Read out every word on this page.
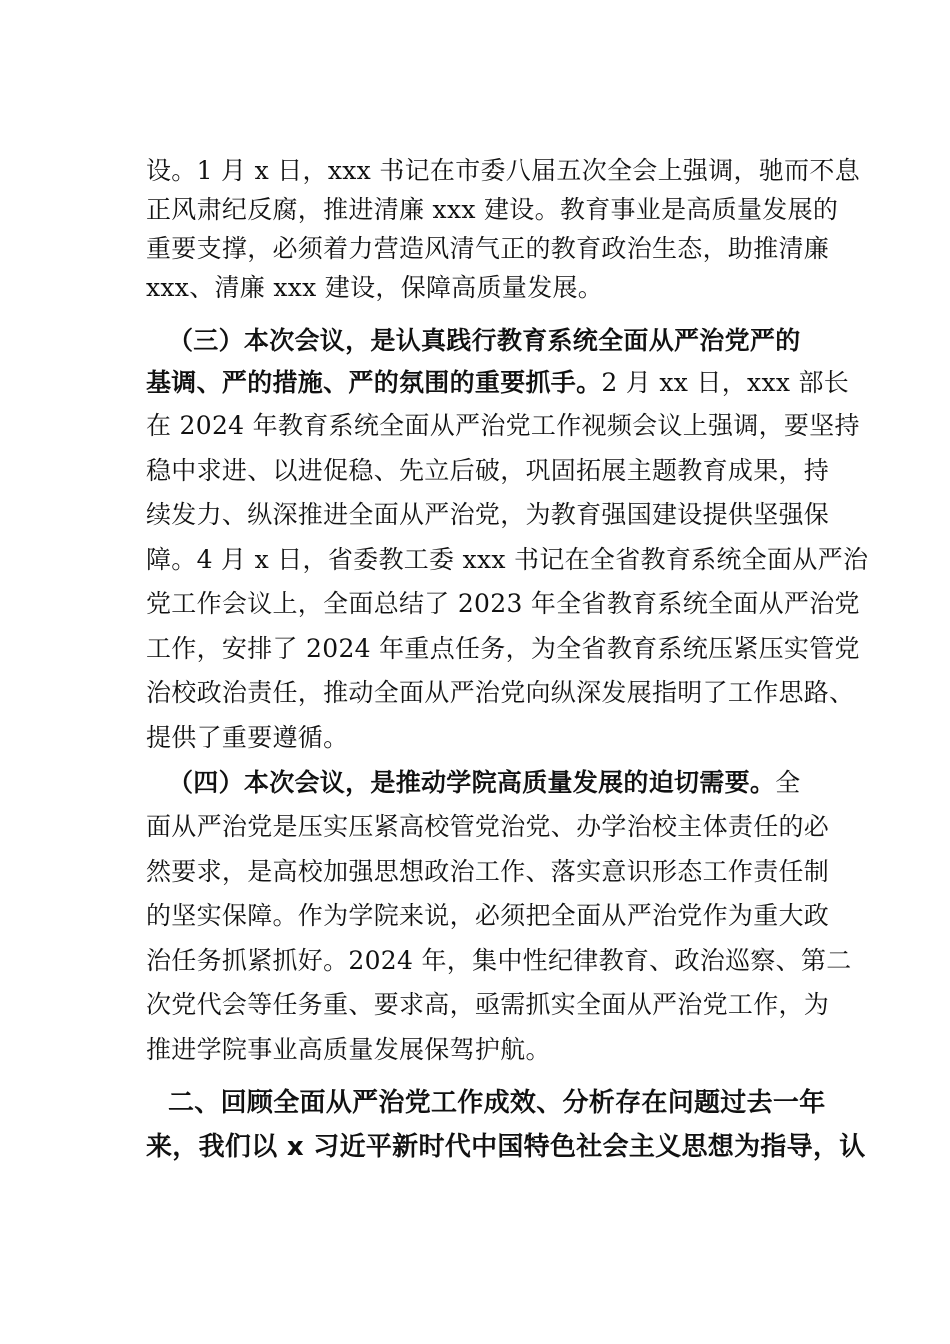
设。1 月 x 日，xxx 书记在市委八届五次全会上强调，驰而不息
正风肃纪反腐，推进清廉 xxx 建设。教育事业是高质量发展的
重要支撑，必须着力营造风清气正的教育政治生态，助推清廉
xxx、清廉 xxx 建设，保障高质量发展。
（三）本次会议，是认真践行教育系统全面从严治党严的
基调、严的措施、严的氛围的重要抓手。2 月 xx 日，xxx 部长
在 2024 年教育系统全面从严治党工作视频会议上强调，要坚持
稳中求进、以进促稳、先立后破，巩固拓展主题教育成果，持
续发力、纵深推进全面从严治党，为教育强国建设提供坚强保
障。4 月 x 日，省委教工委 xxx 书记在全省教育系统全面从严治
党工作会议上，全面总结了 2023 年全省教育系统全面从严治党
工作，安排了 2024 年重点任务，为全省教育系统压紧压实管党
治校政治责任，推动全面从严治党向纵深发展指明了工作思路、
提供了重要遵循。
（四）本次会议，是推动学院高质量发展的迫切需要。全
面从严治党是压实压紧高校管党治党、办学治校主体责任的必
然要求，是高校加强思想政治工作、落实意识形态工作责任制
的坚实保障。作为学院来说，必须把全面从严治党作为重大政
治任务抓紧抓好。2024 年，集中性纪律教育、政治巡察、第二
次党代会等任务重、要求高，亟需抓实全面从严治党工作，为
推进学院事业高质量发展保驾护航。
二、回顾全面从严治党工作成效、分析存在问题过去一年
来，我们以 x 习近平新时代中国特色社会主义思想为指导，认
